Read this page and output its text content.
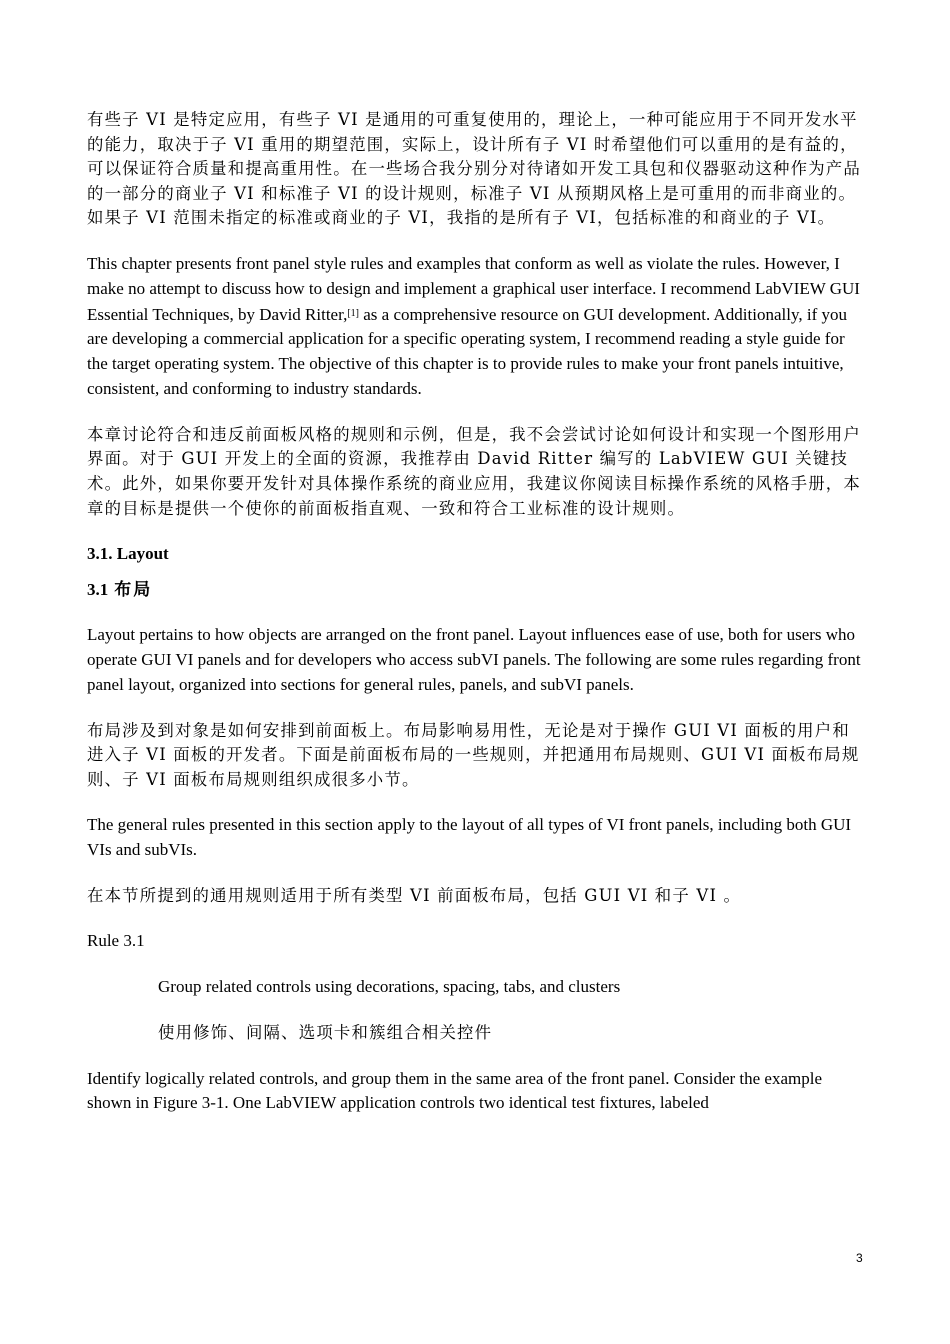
有些子 VI 是特定应用，有些子 VI 是通用的可重复使用的，理论上，一种可能应用于不同开发水平的能力，取决于子 VI 重用的期望范围，实际上，设计所有子 VI 时希望他们可以重用的是有益的，可以保证符合质量和提高重用性。在一些场合我分别分对待诸如开发工具包和仪器驱动这种作为产品的一部分的商业子 VI 和标准子 VI 的设计规则，标准子 VI 从预期风格上是可重用的而非商业的。如果子 VI 范围未指定的标准或商业的子 VI，我指的是所有子 VI，包括标准的和商业的子 VI。

This chapter presents front panel style rules and examples that conform as well as violate the rules. However, I make no attempt to discuss how to design and implement a graphical user interface. I recommend LabVIEW GUI Essential Techniques, by David Ritter,[1] as a comprehensive resource on GUI development. Additionally, if you are developing a commercial application for a specific operating system, I recommend reading a style guide for the target operating system. The objective of this chapter is to provide rules to make your front panels intuitive, consistent, and conforming to industry standards.

本章讨论符合和违反前面板风格的规则和示例，但是，我不会尝试讨论如何设计和实现一个图形用户界面。对于 GUI 开发上的全面的资源，我推荐由 David Ritter 编写的 LabVIEW GUI 关键技术。此外，如果你要开发针对具体操作系统的商业应用，我建议你阅读目标操作系统的风格手册，本章的目标是提供一个使你的前面板指直观、一致和符合工业标准的设计规则。

3.1. Layout

3.1 布局

Layout pertains to how objects are arranged on the front panel. Layout influences ease of use, both for users who operate GUI VI panels and for developers who access subVI panels. The following are some rules regarding front panel layout, organized into sections for general rules, panels, and subVI panels.

布局涉及到对象是如何安排到前面板上。布局影响易用性，无论是对于操作 GUI VI 面板的用户和进入子 VI 面板的开发者。下面是前面板布局的一些规则，并把通用布局规则、GUI VI 面板布局规则、子 VI 面板布局规则组织成很多小节。

The general rules presented in this section apply to the layout of all types of VI front panels, including both GUI VIs and subVIs.

在本节所提到的通用规则适用于所有类型 VI 前面板布局，包括 GUI VI 和子 VI 。

Rule 3.1

Group related controls using decorations, spacing, tabs, and clusters

使用修饰、间隔、选项卡和簇组合相关控件

Identify logically related controls, and group them in the same area of the front panel. Consider the example shown in Figure 3-1. One LabVIEW application controls two identical test fixtures, labeled

3
